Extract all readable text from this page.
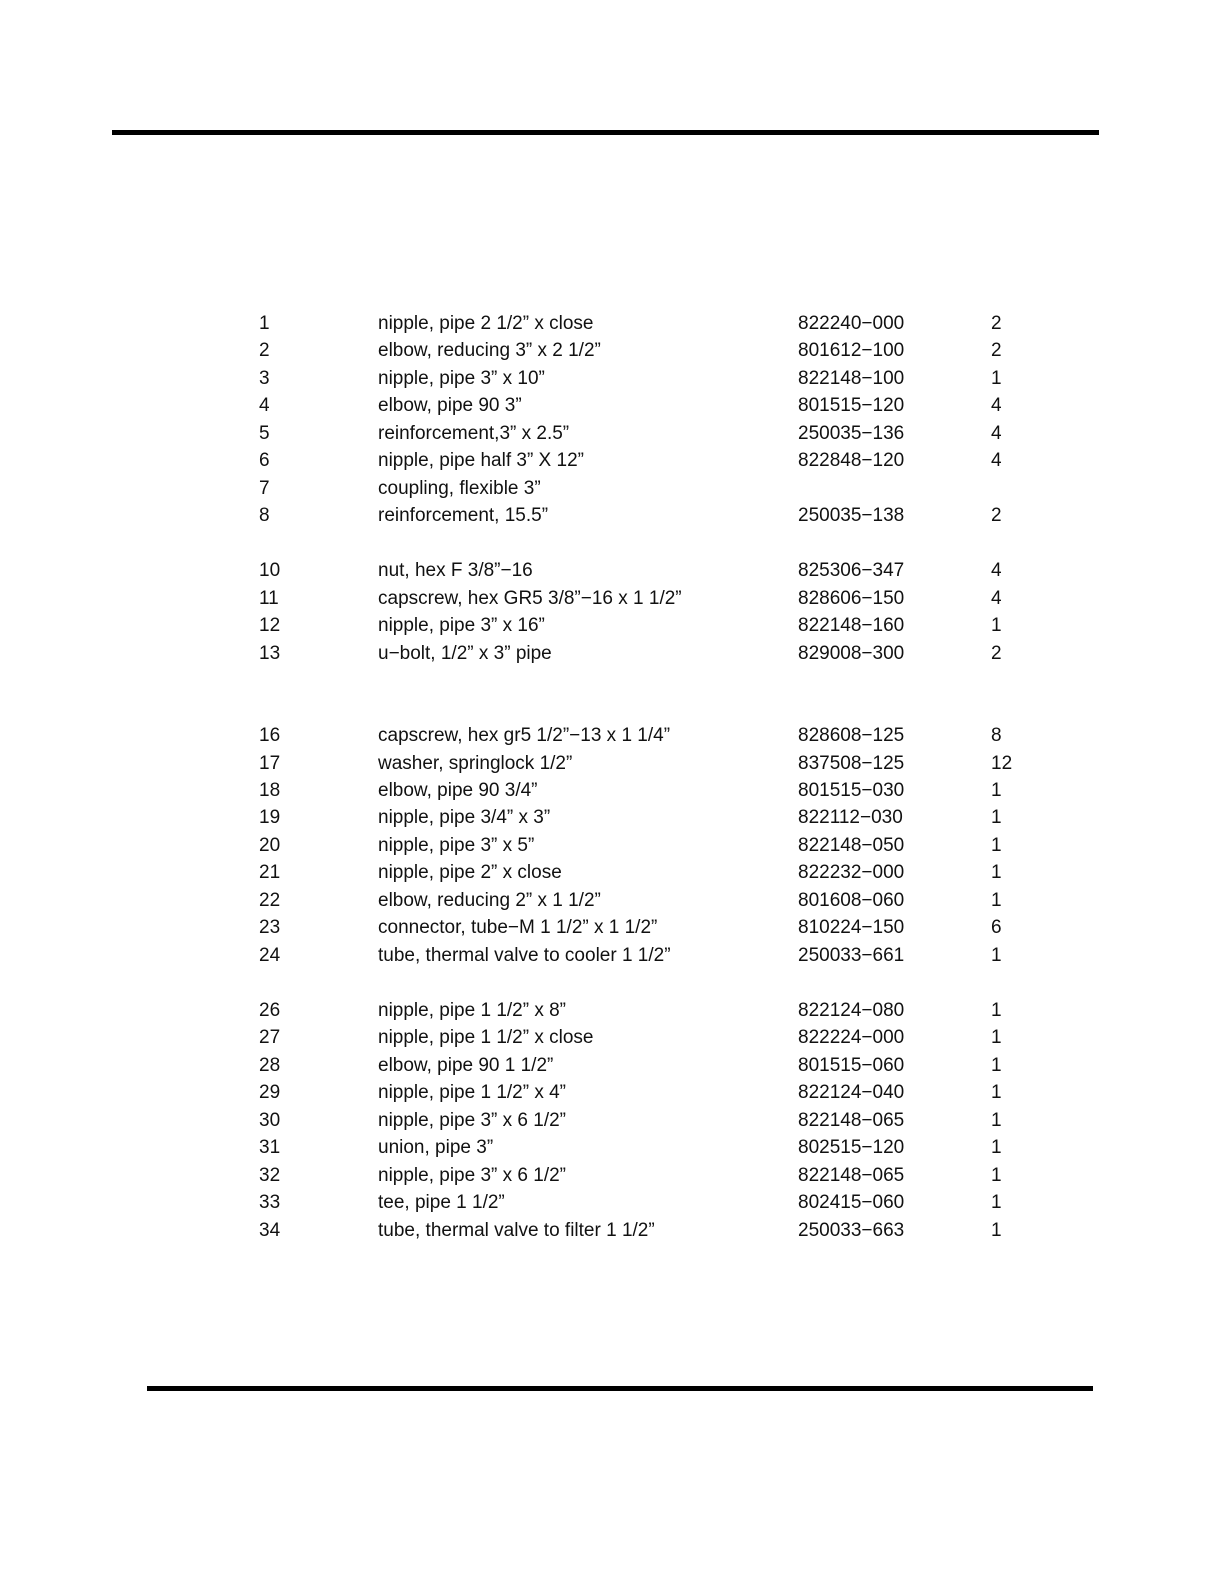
1	nipple, pipe 2 1/2” x close	822240−000	2
2	elbow, reducing 3” x 2 1/2”	801612−100	2
3	nipple, pipe 3” x 10”	822148−100	1
4	elbow, pipe 90 3”	801515−120	4
5	reinforcement,3” x 2.5”	250035−136	4
6	nipple, pipe half 3” X 12”	822848−120	4
7	coupling, flexible 3”
8	reinforcement, 15.5”	250035−138	2
10	nut, hex F 3/8”−16	825306−347	4
11	capscrew, hex GR5 3/8”−16 x 1 1/2”	828606−150	4
12	nipple, pipe 3” x 16”	822148−160	1
13	u−bolt, 1/2” x 3” pipe	829008−300	2
16	capscrew, hex gr5 1/2”−13 x 1 1/4”	828608−125	8
17	washer, springlock 1/2”	837508−125	12
18	elbow, pipe 90 3/4”	801515−030	1
19	nipple, pipe 3/4” x 3”	822112−030	1
20	nipple, pipe 3” x 5”	822148−050	1
21	nipple, pipe 2” x close	822232−000	1
22	elbow, reducing 2” x 1 1/2”	801608−060	1
23	connector, tube−M 1 1/2” x 1 1/2”	810224−150	6
24	tube, thermal valve to cooler 1 1/2”	250033−661	1
26	nipple, pipe 1 1/2” x 8”	822124−080	1
27	nipple, pipe 1 1/2” x close	822224−000	1
28	elbow, pipe 90 1 1/2”	801515−060	1
29	nipple, pipe 1 1/2” x 4”	822124−040	1
30	nipple, pipe 3” x 6 1/2”	822148−065	1
31	union, pipe 3”	802515−120	1
32	nipple, pipe 3” x 6 1/2”	822148−065	1
33	tee, pipe 1 1/2”	802415−060	1
34	tube, thermal valve to filter 1 1/2”	250033−663	1
